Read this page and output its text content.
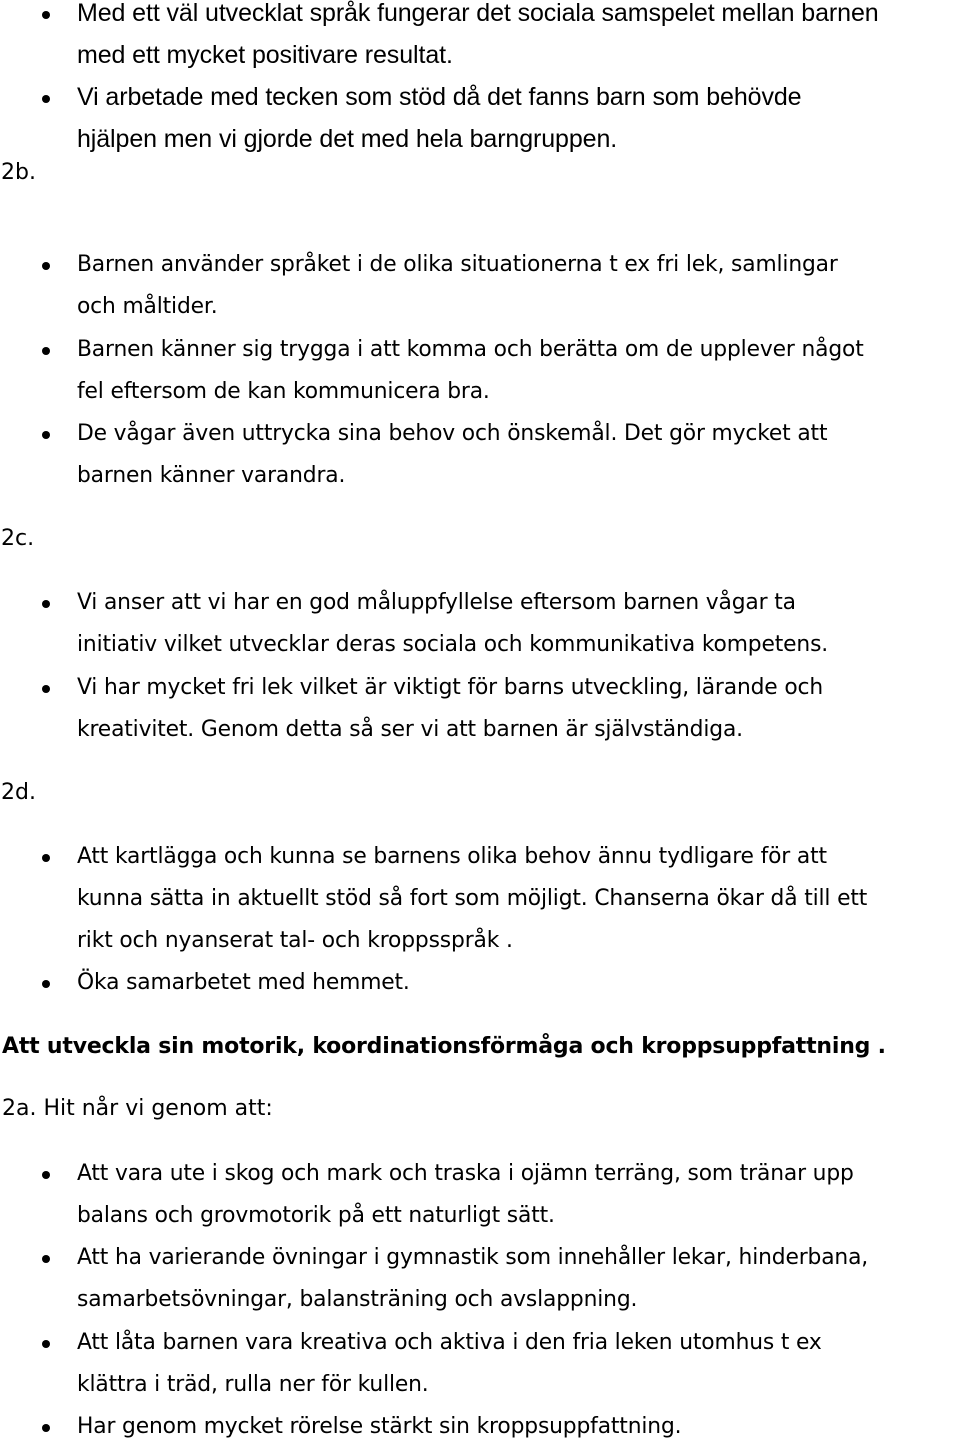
Med ett väl utvecklat språk fungerar det sociala samspelet mellan barnen
med ett mycket positivare resultat.
Vi arbetade med tecken som stöd då det fanns barn som behövde
hjälpen men vi gjorde det med hela barngruppen.
2b.
Barnen använder språket i de olika situationerna t ex fri lek, samlingar
och måltider.
Barnen känner sig trygga i att komma och berätta om de upplever något
fel eftersom de kan kommunicera bra.
De vågar även uttrycka sina behov och önskemål. Det gör mycket att
barnen känner varandra.
2c.
Vi anser att vi har en god måluppfyllelse eftersom barnen vågar ta
initiativ vilket utvecklar deras sociala och kommunikativa kompetens.
Vi har mycket fri lek vilket är viktigt för barns utveckling, lärande och
kreativitet. Genom detta så ser vi att barnen är självständiga.
2d.
Att kartlägga och kunna se barnens olika behov ännu tydligare för att
kunna sätta in aktuellt stöd så fort som möjligt. Chanserna ökar då till ett
rikt och nyanserat tal- och kroppsspråk .
Öka samarbetet med hemmet.
Att utveckla sin motorik, koordinationsförmåga och kroppsuppfattning .
2a. Hit når vi genom att:
Att vara ute i skog och mark och traska i ojämn terräng, som tränar upp
balans och grovmotorik på ett naturligt sätt.
Att ha varierande övningar i gymnastik som innehåller lekar, hinderbana,
samarbetsövningar, balansträning och avslappning.
Att låta barnen vara kreativa och aktiva i den fria leken utomhus t ex
klättra i träd, rulla ner för kullen.
Har genom mycket rörelse stärkt sin kroppsuppfattning.
